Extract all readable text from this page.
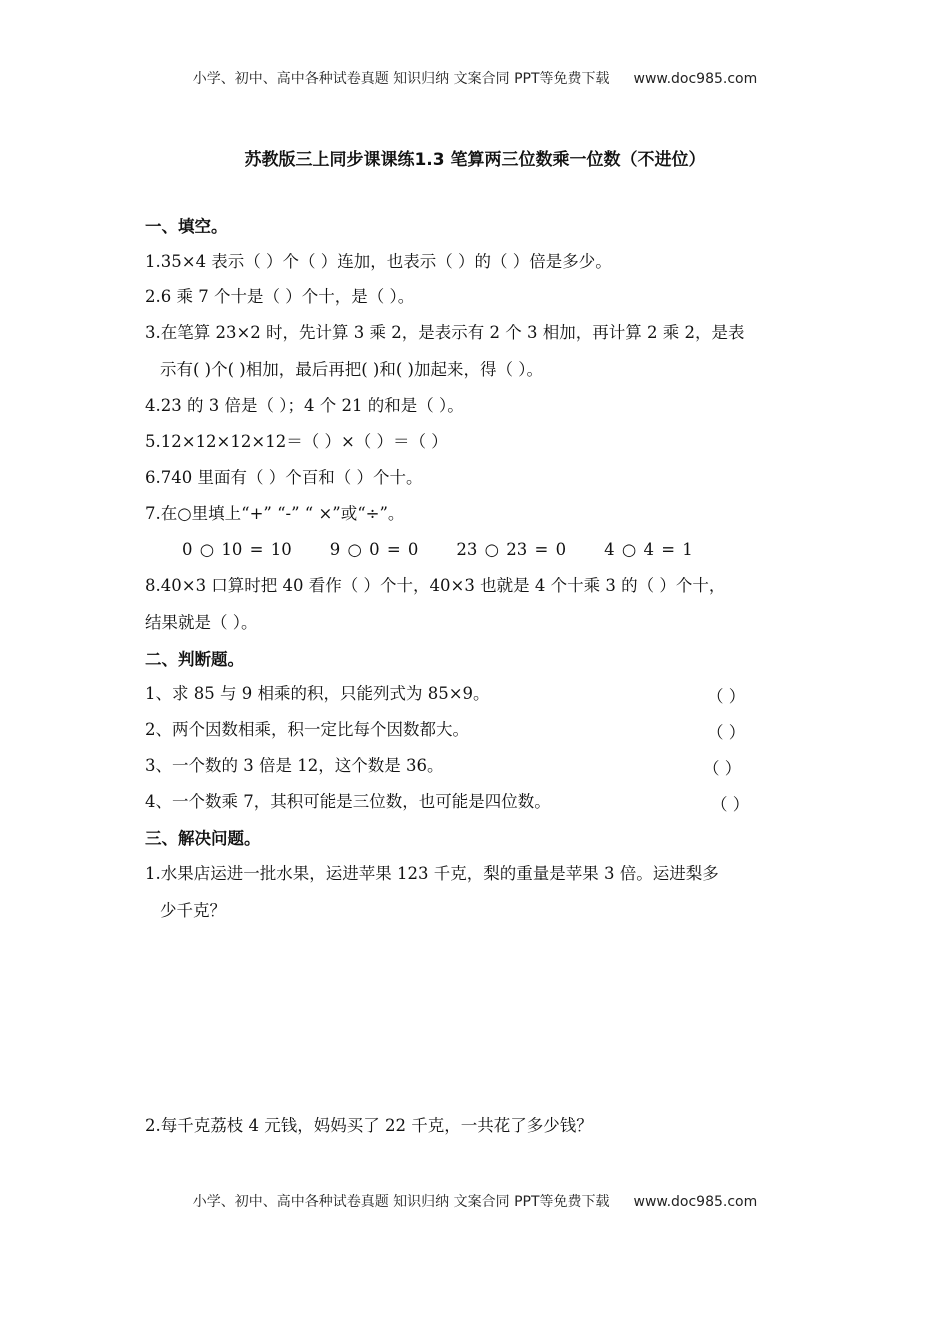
小学、初中、高中各种试卷真题 知识归纳 文案合同 PPT等免费下载 www.doc985.com
苏教版三上同步课课练1.3 笔算两三位数乘一位数（不进位）
一、填空。
1.35×4 表示（ ）个（ ）连加，也表示（ ）的（ ）倍是多少。
2.6 乘 7 个十是（ ）个十，是（ ）。
3.在笔算 23×2 时，先计算 3 乘 2，是表示有 2 个 3 相加，再计算 2 乘 2，是表
示有( )个( )相加，最后再把( )和( )加起来，得（ ）。
4.23 的 3 倍是（ ）；4 个 21 的和是（ ）。
5.12×12×12×12＝（ ）×（ ）＝（ ）
6.740 里面有（ ）个百和（ ）个十。
7.在○里填上“+” “-” “ ×”或“÷”。
0 ○ 10 = 10 9 ○ 0 = 0 23 ○ 23 = 0 4 ○ 4 = 1
8.40×3 口算时把 40 看作（ ）个十，40×3 也就是 4 个十乘 3 的（ ）个十，
结果就是（ ）。
二、判断题。
1、求 85 与 9 相乘的积，只能列式为 85×9。	（ ）
2、两个因数相乘，积一定比每个因数都大。	（ ）
3、一个数的 3 倍是 12，这个数是 36。	（ ）
4、一个数乘 7，其积可能是三位数，也可能是四位数。	（ ）
三、解决问题。
1.水果店运进一批水果，运进苹果 123 千克，梨的重量是苹果 3 倍。运进梨多
少千克？
2.每千克荔枝 4 元钱，妈妈买了 22 千克，一共花了多少钱？
小学、初中、高中各种试卷真题 知识归纳 文案合同 PPT等免费下载 www.doc985.com
